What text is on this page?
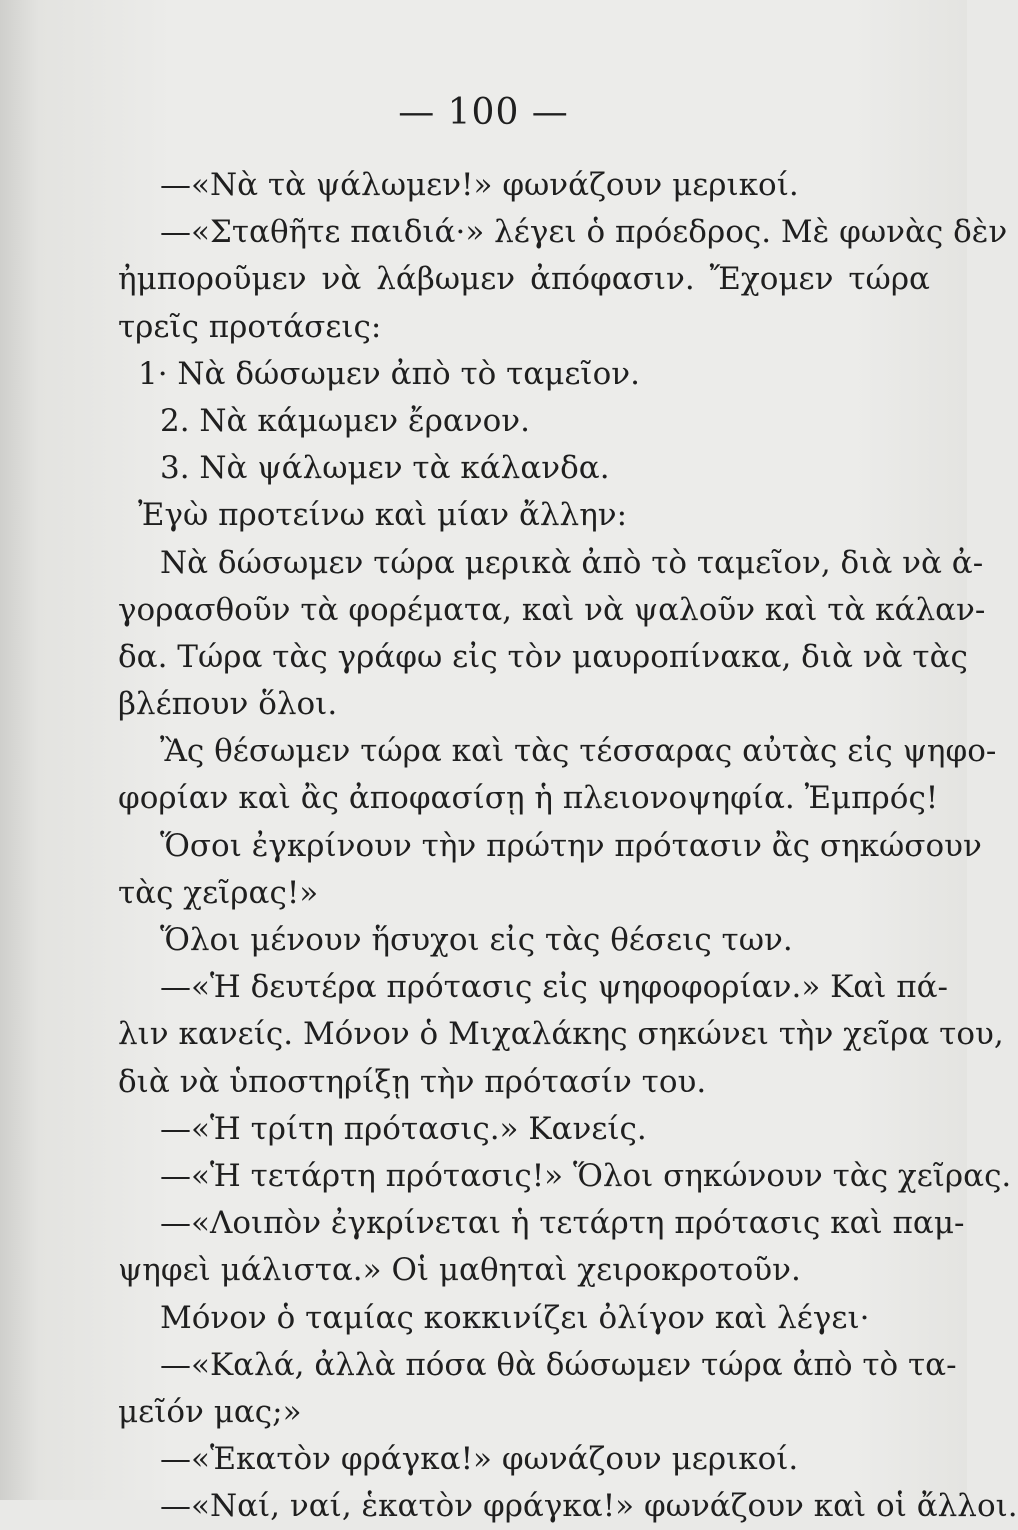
— 100 —
—«Νὰ τὰ ψάλωμεν!» φωνάζουν μερικοί.
—«Σταθῆτε παιδιά·» λέγει ὁ πρόεδρος. Μὲ φωνὰς δὲν
ἠμποροῦμεν νὰ λάβωμεν ἀπόφασιν. Ἔχομεν τώρα
τρεῖς προτάσεις:
1· Νὰ δώσωμεν ἀπὸ τὸ ταμεῖον.
2. Νὰ κάμωμεν ἔρανον.
3. Νὰ ψάλωμεν τὰ κάλανδα.
Ἐγὼ προτείνω καὶ μίαν ἄλλην:
Νὰ δώσωμεν τώρα μερικὰ ἀπὸ τὸ ταμεῖον, διὰ νὰ ἀ-
γορασθοῦν τὰ φορέματα, καὶ νὰ ψαλοῦν καὶ τὰ κάλαν-
δα. Τώρα τὰς γράφω εἰς τὸν μαυροπίνακα, διὰ νὰ τὰς
βλέπουν ὅλοι.
Ἂς θέσωμεν τώρα καὶ τὰς τέσσαρας αὐτὰς εἰς ψηφο-
φορίαν καὶ ἂς ἀποφασίσῃ ἡ πλειονοψηφία. Ἐμπρός!
Ὅσοι ἐγκρίνουν τὴν πρώτην πρότασιν ἂς σηκώσουν
τὰς χεῖρας!»
Ὅλοι μένουν ἥσυχοι εἰς τὰς θέσεις των.
—«Ἡ δευτέρα πρότασις εἰς ψηφοφορίαν.» Καὶ πά-
λιν κανείς. Μόνον ὁ Μιχαλάκης σηκώνει τὴν χεῖρα του,
διὰ νὰ ὑποστηρίξῃ τὴν πρότασίν του.
—«Ἡ τρίτη πρότασις.» Κανείς.
—«Ἡ τετάρτη πρότασις!» Ὅλοι σηκώνουν τὰς χεῖρας.
—«Λοιπὸν ἐγκρίνεται ἡ τετάρτη πρότασις καὶ παμ-
ψηφεὶ μάλιστα.» Οἱ μαθηταὶ χειροκροτοῦν.
Μόνον ὁ ταμίας κοκκινίζει ὀλίγον καὶ λέγει·
—«Καλά, ἀλλὰ πόσα θὰ δώσωμεν τώρα ἀπὸ τὸ τα-
μεῖόν μας;»
—«Ἑκατὸν φράγκα!» φωνάζουν μερικοί.
—«Ναί, ναί, ἑκατὸν φράγκα!» φωνάζουν καὶ οἱ ἄλλοι.
